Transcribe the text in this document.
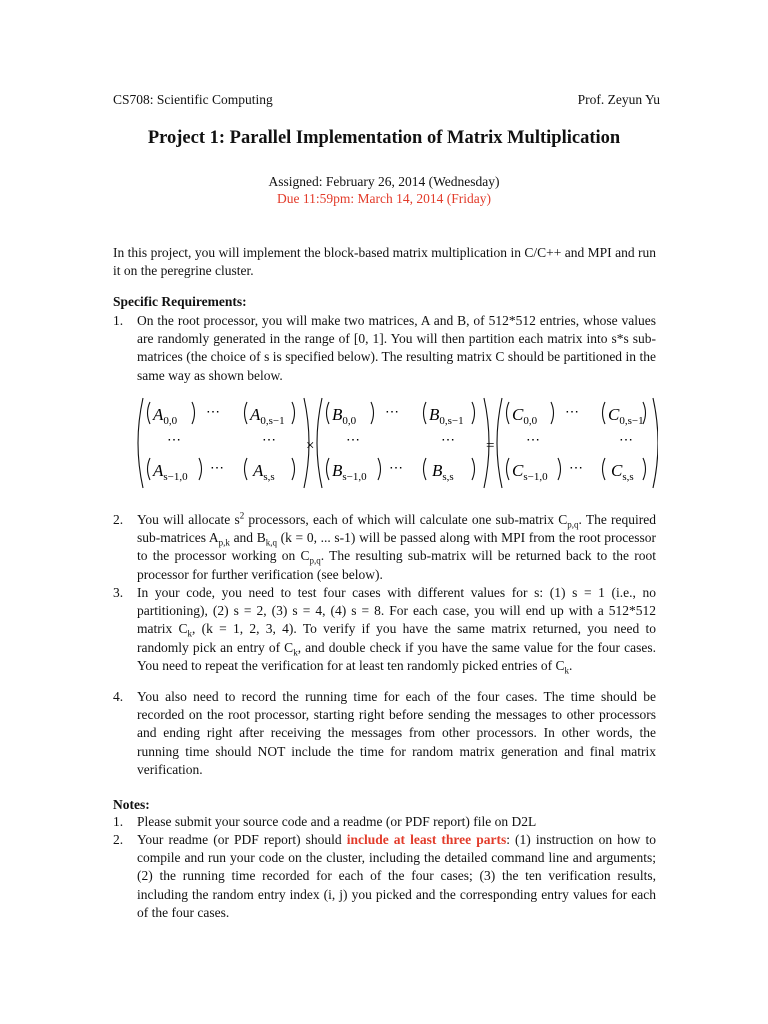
CS708: Scientific Computing	Prof. Zeyun Yu
Project 1: Parallel Implementation of Matrix Multiplication
Assigned: February 26, 2014 (Wednesday)
Due 11:59pm: March 14, 2014 (Friday)
In this project, you will implement the block-based matrix multiplication in C/C++ and MPI and run it on the peregrine cluster.
Specific Requirements:
1. On the root processor, you will make two matrices, A and B, of 512*512 entries, whose values are randomly generated in the range of [0, 1]. You will then partition each matrix into s*s sub-matrices (the choice of s is specified below). The resulting matrix C should be partitioned in the same way as shown below.
$A_{0,0}$
⋯ $A_{0,s-1}$
⋯	⋯
$A_{s-1,0}$
⋯ $A_{s,s}$
×
$B_{0,0}$
⋯ $B_{0,s-1}$
⋯	⋯
$B_{s-1,0}$
⋯ $B_{s,s}$
=
$C_{0,0}$
⋯ $C_{0,s-1}$
⋯	⋯
$C_{s-1,0}$
⋯ $C_{s,s}$
2. You will allocate $s^2$ processors, each of which will calculate one sub-matrix $C_{p,q}$. The required sub-matrices $A_{p,k}$ and $B_{k,q}$ (k = 0, ... s-1) will be passed along with MPI from the root processor to the processor working on $C_{p,q}$. The resulting sub-matrix will be returned back to the root processor for further verification (see below).
3. In your code, you need to test four cases with different values for s: (1) s = 1 (i.e., no partitioning), (2) s = 2, (3) s = 4, (4) s = 8. For each case, you will end up with a 512*512 matrix $C_k$, (k = 1, 2, 3, 4). To verify if you have the same matrix returned, you need to randomly pick an entry of $C_k$, and double check if you have the same value for the four cases. You need to repeat the verification for at least ten randomly picked entries of $C_k$.
4. You also need to record the running time for each of the four cases. The time should be recorded on the root processor, starting right before sending the messages to other processors and ending right after receiving the messages from other processors. In other words, the running time should NOT include the time for random matrix generation and final matrix verification.
Notes:
1. Please submit your source code and a readme (or PDF report) file on D2L
2. Your readme (or PDF report) should include at least three parts: (1) instruction on how to compile and run your code on the cluster, including the detailed command line and arguments; (2) the running time recorded for each of the four cases; (3) the ten verification results, including the random entry index (i, j) you picked and the corresponding entry values for each of the four cases.
